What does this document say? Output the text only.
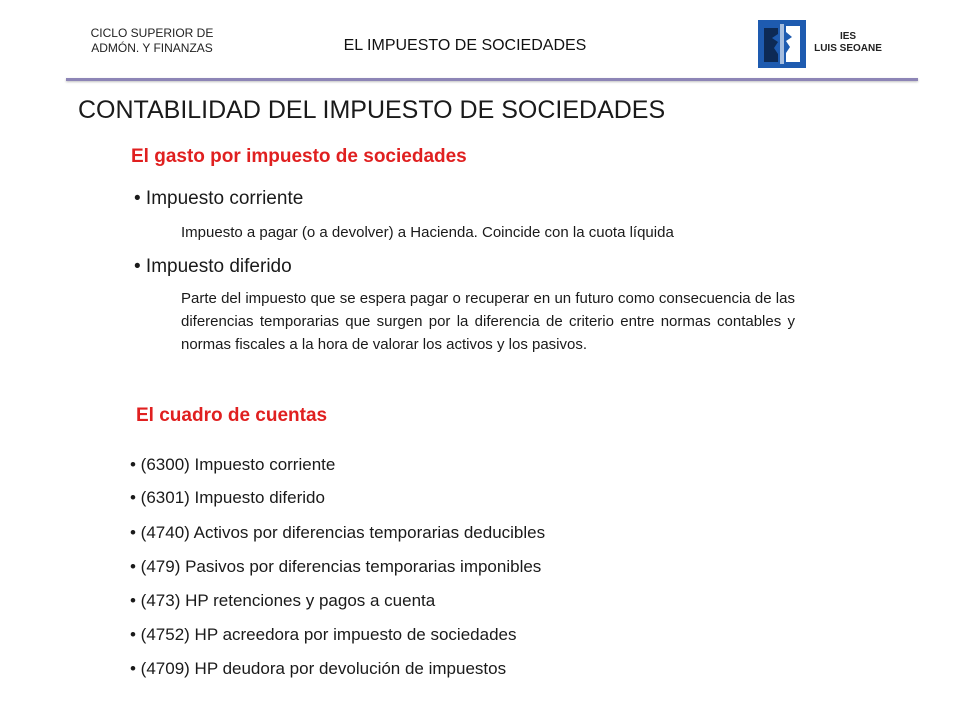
CICLO SUPERIOR DE
ADMÓN. Y FINANZAS	EL IMPUESTO DE SOCIEDADES
IES
LUIS SEOANE
CONTABILIDAD DEL IMPUESTO DE SOCIEDADES
El gasto por impuesto de sociedades
• Impuesto corriente
Impuesto a pagar (o a devolver) a Hacienda. Coincide con la cuota líquida
• Impuesto diferido
Parte del impuesto que se espera pagar o recuperar en un futuro como consecuencia de las diferencias temporarias que surgen por la diferencia de criterio entre normas contables y normas fiscales a la hora de valorar los activos y los pasivos.
El cuadro de cuentas
• (6300) Impuesto corriente
• (6301) Impuesto diferido
• (4740) Activos por diferencias temporarias deducibles
• (479) Pasivos por diferencias temporarias imponibles
• (473) HP retenciones y pagos a cuenta
• (4752) HP acreedora por impuesto de sociedades
• (4709) HP deudora por devolución de impuestos
